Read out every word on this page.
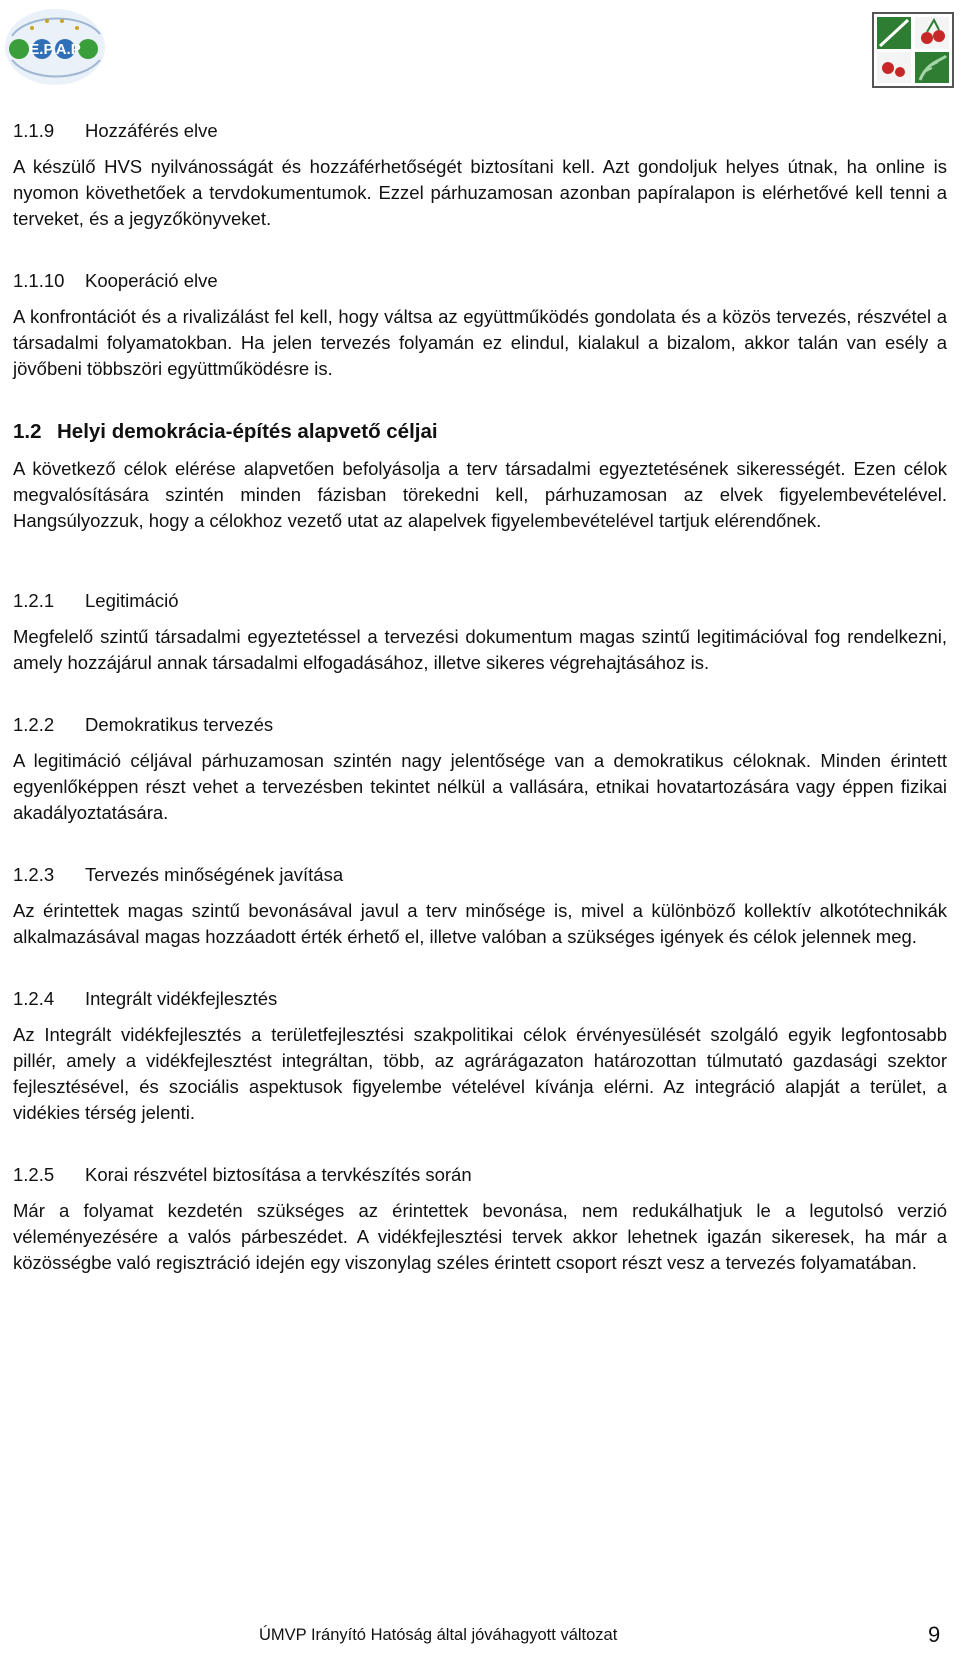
E.P.A.P
1.1.9	Hozzáférés elve

A készülő HVS nyilvánosságát és hozzáférhetőségét biztosítani kell. Azt gondoljuk helyes útnak, ha online is nyomon követhetőek a tervdokumentumok. Ezzel párhuzamosan azonban papíralapon is elérhetővé kell tenni a terveket, és a jegyzőkönyveket.

1.1.10	Kooperáció elve

A konfrontációt és a rivalizálást fel kell, hogy váltsa az együttműködés gondolata és a közös tervezés, részvétel a társadalmi folyamatokban. Ha jelen tervezés folyamán ez elindul, kialakul a bizalom, akkor talán van esély a jövőbeni többszöri együttműködésre is.

1.2 Helyi demokrácia-építés alapvető céljai

A következő célok elérése alapvetően befolyásolja a terv társadalmi egyeztetésének sikerességét. Ezen célok megvalósítására szintén minden fázisban törekedni kell, párhuzamosan az elvek figyelembevételével. Hangsúlyozzuk, hogy a célokhoz vezető utat az alapelvek figyelembevételével tartjuk elérendőnek.

1.2.1	Legitimáció

Megfelelő szintű társadalmi egyeztetéssel a tervezési dokumentum magas szintű legitimációval fog rendelkezni, amely hozzájárul annak társadalmi elfogadásához, illetve sikeres végrehajtásához is.

1.2.2	Demokratikus tervezés

A legitimáció céljával párhuzamosan szintén nagy jelentősége van a demokratikus céloknak. Minden érintett egyenlőképpen részt vehet a tervezésben tekintet nélkül a vallására, etnikai hovatartozására vagy éppen fizikai akadályoztatására.

1.2.3	Tervezés minőségének javítása

Az érintettek magas szintű bevonásával javul a terv minősége is, mivel a különböző kollektív alkotótechnikák alkalmazásával magas hozzáadott érték érhető el, illetve valóban a szükséges igények és célok jelennek meg.

1.2.4	Integrált vidékfejlesztés

Az Integrált vidékfejlesztés a területfejlesztési szakpolitikai célok érvényesülését szolgáló egyik legfontosabb pillér, amely a vidékfejlesztést integráltan, több, az agrárágazaton határozottan túlmutató gazdasági szektor fejlesztésével, és szociális aspektusok figyelembe vételével kívánja elérni. Az integráció alapját a terület, a vidékies térség jelenti.

1.2.5	Korai részvétel biztosítása a tervkészítés során

Már a folyamat kezdetén szükséges az érintettek bevonása, nem redukálhatjuk le a legutolsó verzió véleményezésére a valós párbeszédet. A vidékfejlesztési tervek akkor lehetnek igazán sikeresek, ha már a közösségbe való regisztráció idején egy viszonylag széles érintett csoport részt vesz a tervezés folyamatában.

ÚMVP Irányító Hatóság által jóváhagyott változat	9
